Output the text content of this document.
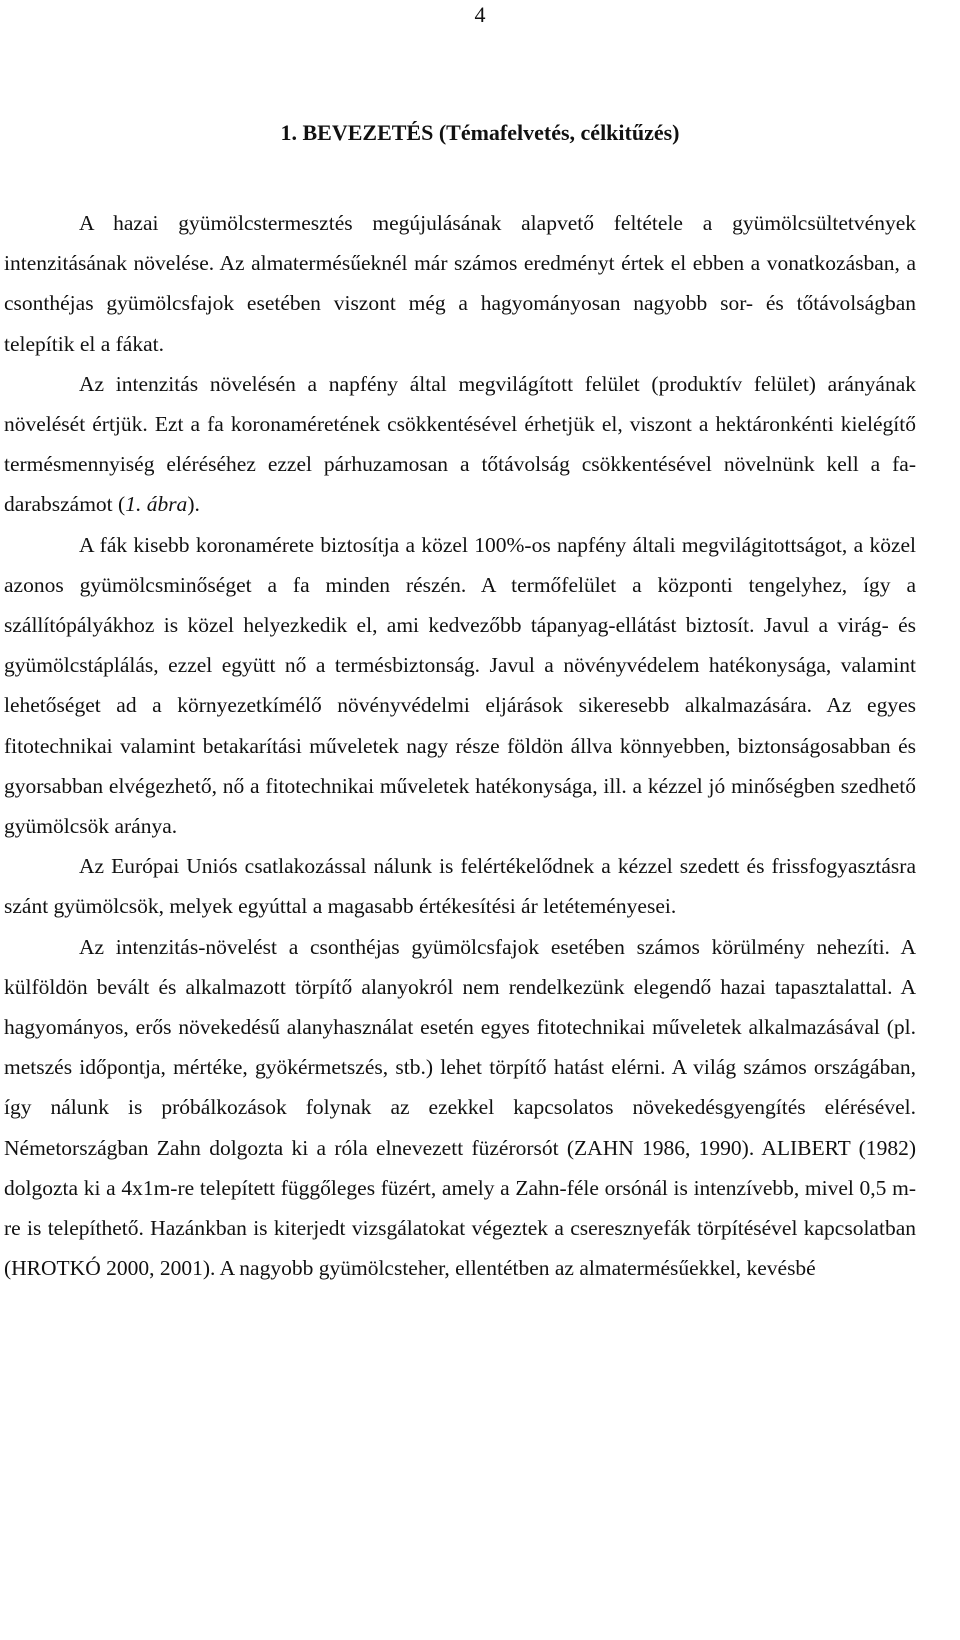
4
1. BEVEZETÉS (Témafelvetés, célkitűzés)

A hazai gyümölcstermesztés megújulásának alapvető feltétele a gyümölcsültetvények intenzitásának növelése. Az almatermésűeknél már számos eredményt értek el ebben a vonatkozásban, a csonthéjas gyümölcsfajok esetében viszont még a hagyományosan nagyobb sor- és tőtávolságban telepítik el a fákat.

Az intenzitás növelésén a napfény által megvilágított felület (produktív felület) arányának növelését értjük. Ezt a fa koronaméretének csökkentésével érhetjük el, viszont a hektáronkénti kielégítő termésmennyiség eléréséhez ezzel párhuzamosan a tőtávolság csökkentésével növelnünk kell a fa-darabszámot (1. ábra).

A fák kisebb koronamérete biztosítja a közel 100%-os napfény általi megvilágitottságot, a közel azonos gyümölcsminőséget a fa minden részén. A termőfelület a központi tengelyhez, így a szállítópályákhoz is közel helyezkedik el, ami kedvezőbb tápanyag-ellátást biztosít. Javul a virág- és gyümölcstáplálás, ezzel együtt nő a termésbiztonság. Javul a növényvédelem hatékonysága, valamint lehetőséget ad a környezetkímélő növényvédelmi eljárások sikeresebb alkalmazására. Az egyes fitotechnikai valamint betakarítási műveletek nagy része földön állva könnyebben, biztonságosabban és gyorsabban elvégezhető, nő a fitotechnikai műveletek hatékonysága, ill. a kézzel jó minőségben szedhető gyümölcsök aránya.

Az Európai Uniós csatlakozással nálunk is felértékelődnek a kézzel szedett és frissfogyasztásra szánt gyümölcsök, melyek egyúttal a magasabb értékesítési ár letéteményesei.

Az intenzitás-növelést a csonthéjas gyümölcsfajok esetében számos körülmény nehezíti. A külföldön bevált és alkalmazott törpítő alanyokról nem rendelkezünk elegendő hazai tapasztalattal. A hagyományos, erős növekedésű alanyhasználat esetén egyes fitotechnikai műveletek alkalmazásával (pl. metszés időpontja, mértéke, gyökérmetszés, stb.) lehet törpítő hatást elérni. A világ számos országában, így nálunk is próbálkozások folynak az ezekkel kapcsolatos növekedésgyengítés elérésével. Németországban Zahn dolgozta ki a róla elnevezett füzérorsót (ZAHN 1986, 1990). ALIBERT (1982) dolgozta ki a 4x1m-re telepített függőleges füzért, amely a Zahn-féle orsónál is intenzívebb, mivel 0,5 m-re is telepíthető. Hazánkban is kiterjedt vizsgálatokat végeztek a cseresznyefák törpítésével kapcsolatban (HROTKÓ 2000, 2001). A nagyobb gyümölcsteher, ellentétben az almatermésűekkel, kevésbé
